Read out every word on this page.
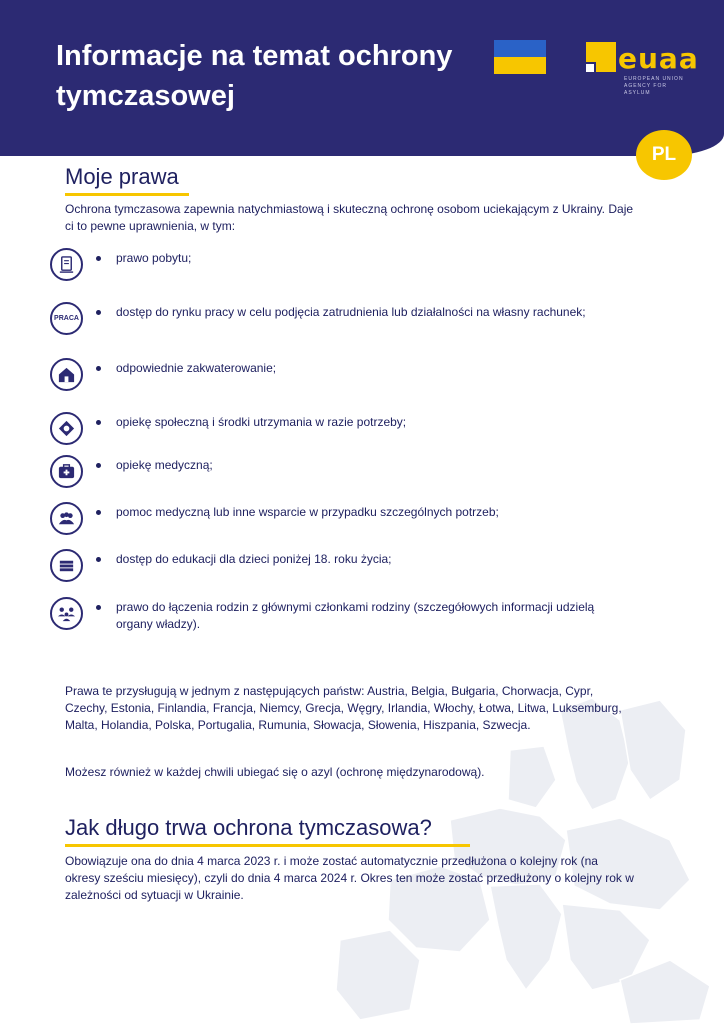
Informacje na temat ochrony tymczasowej
euaa
EUROPEAN UNION AGENCY FOR ASYLUM
PL
Moje prawa
Ochrona tymczasowa zapewnia natychmiastową i skuteczną ochronę osobom uciekającym z Ukrainy. Daje ci to pewne uprawnienia, w tym:
prawo pobytu;
PRACA	dostęp do rynku pracy w celu podjęcia zatrudnienia lub działalności na własny rachunek;
odpowiednie zakwaterowanie;
opiekę społeczną i środki utrzymania w razie potrzeby;
opiekę medyczną;
pomoc medyczną lub inne wsparcie w przypadku szczególnych potrzeb;
dostęp do edukacji dla dzieci poniżej 18. roku życia;
prawo do łączenia rodzin z głównymi członkami rodziny (szczegółowych informacji udzielą organy władzy).
Prawa te przysługują w jednym z następujących państw: Austria, Belgia, Bułgaria, Chorwacja, Cypr, Czechy, Estonia, Finlandia, Francja, Niemcy, Grecja, Węgry, Irlandia, Włochy, Łotwa, Litwa, Luksemburg, Malta, Holandia, Polska, Portugalia, Rumunia, Słowacja, Słowenia, Hiszpania, Szwecja.
Możesz również w każdej chwili ubiegać się o azyl (ochronę międzynarodową).
Jak długo trwa ochrona tymczasowa?
Obowiązuje ona do dnia 4 marca 2023 r. i może zostać automatycznie przedłużona o kolejny rok (na okresy sześciu miesięcy), czyli do dnia 4 marca 2024 r. Okres ten może zostać przedłużony o kolejny rok w zależności od sytuacji w Ukrainie.
